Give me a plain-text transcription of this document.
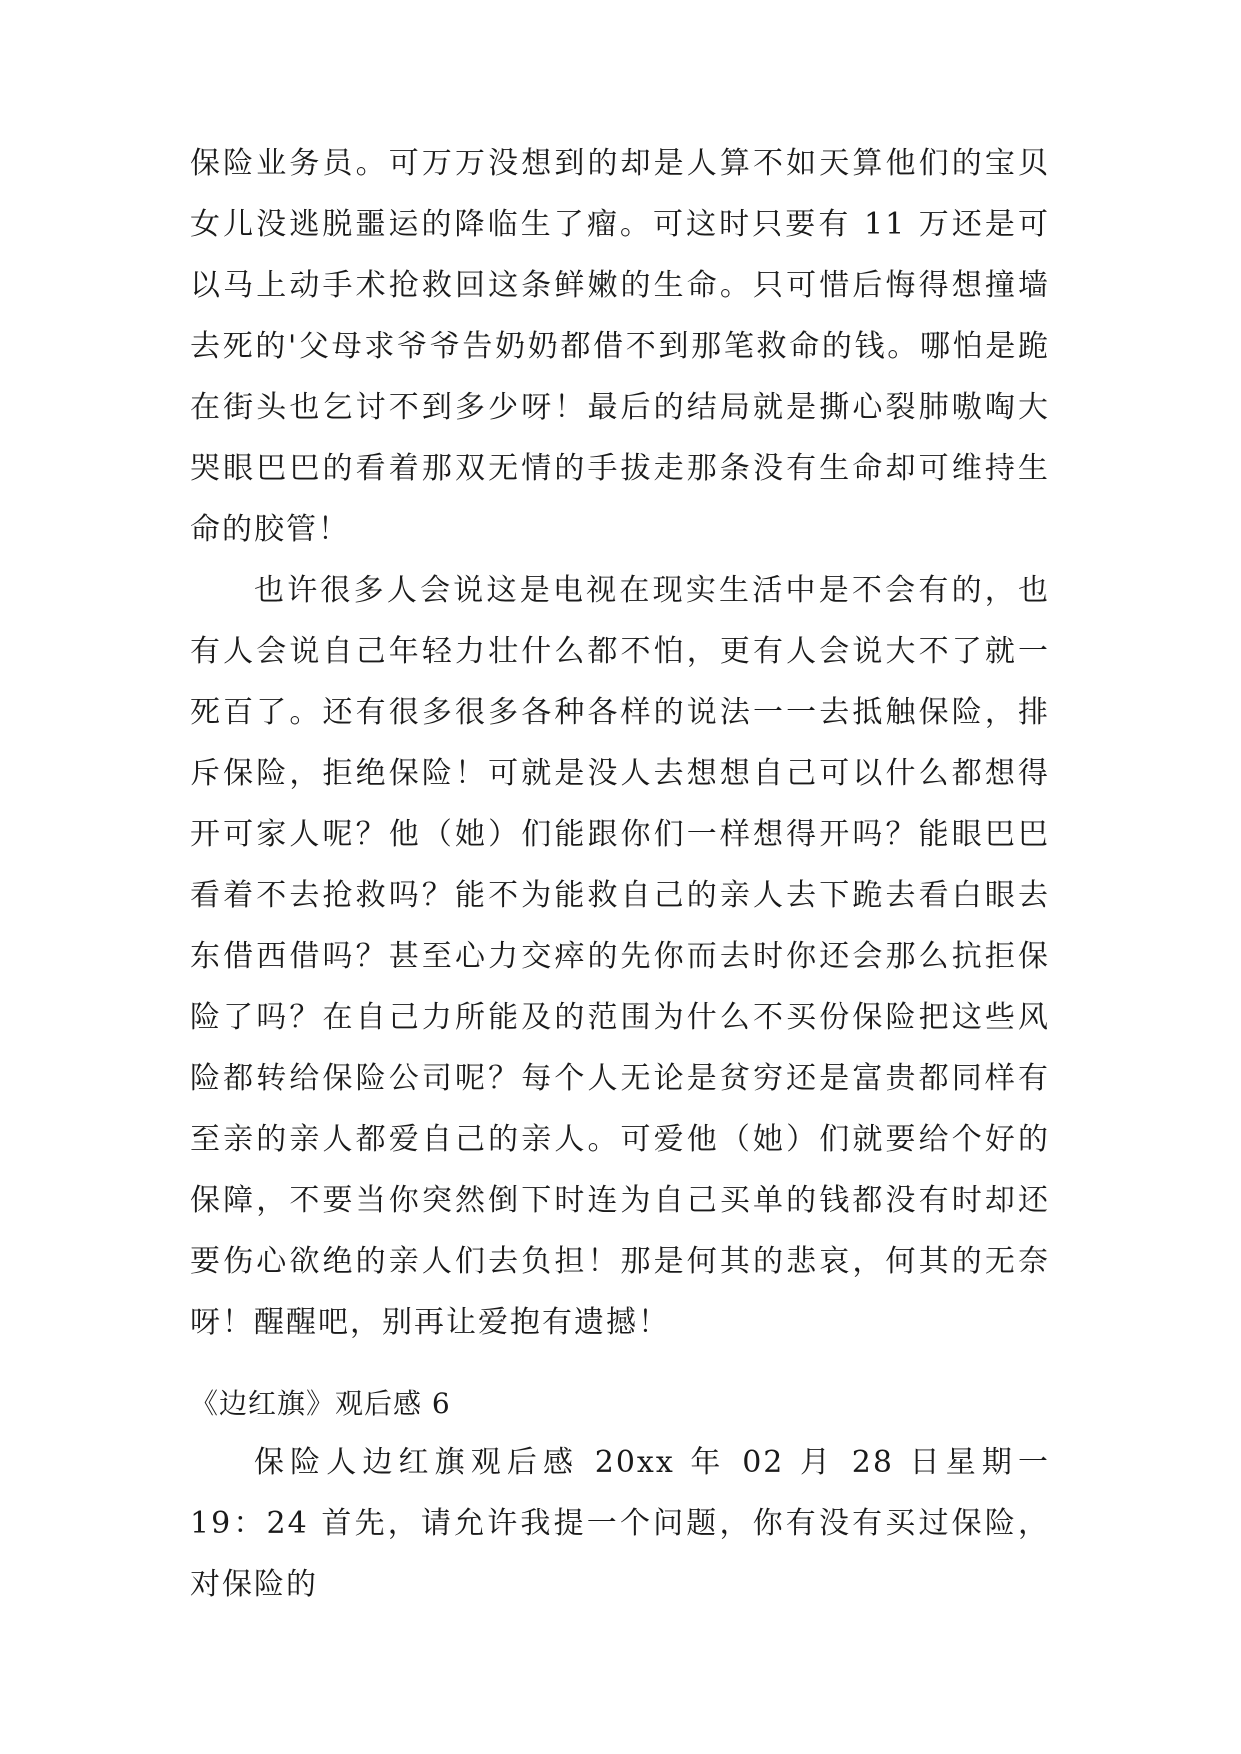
保险业务员。可万万没想到的却是人算不如天算他们的宝贝女儿没逃脱噩运的降临生了瘤。可这时只要有 11 万还是可以马上动手术抢救回这条鲜嫩的生命。只可惜后悔得想撞墙去死的'父母求爷爷告奶奶都借不到那笔救命的钱。哪怕是跪在街头也乞讨不到多少呀！最后的结局就是撕心裂肺嗷啕大哭眼巴巴的看着那双无情的手拔走那条没有生命却可维持生命的胶管！

也许很多人会说这是电视在现实生活中是不会有的，也有人会说自己年轻力壮什么都不怕，更有人会说大不了就一死百了。还有很多很多各种各样的说法一一去抵触保险，排斥保险，拒绝保险！可就是没人去想想自己可以什么都想得开可家人呢？他（她）们能跟你们一样想得开吗？能眼巴巴看着不去抢救吗？能不为能救自己的亲人去下跪去看白眼去东借西借吗？甚至心力交瘁的先你而去时你还会那么抗拒保险了吗？在自己力所能及的范围为什么不买份保险把这些风险都转给保险公司呢？每个人无论是贫穷还是富贵都同样有至亲的亲人都爱自己的亲人。可爱他（她）们就要给个好的保障，不要当你突然倒下时连为自己买单的钱都没有时却还要伤心欲绝的亲人们去负担！那是何其的悲哀，何其的无奈呀！醒醒吧，别再让爱抱有遗撼！

《边红旗》观后感 6

保险人边红旗观后感 20xx 年 02 月 28 日星期一 19：24 首先，请允许我提一个问题，你有没有买过保险，对保险的
